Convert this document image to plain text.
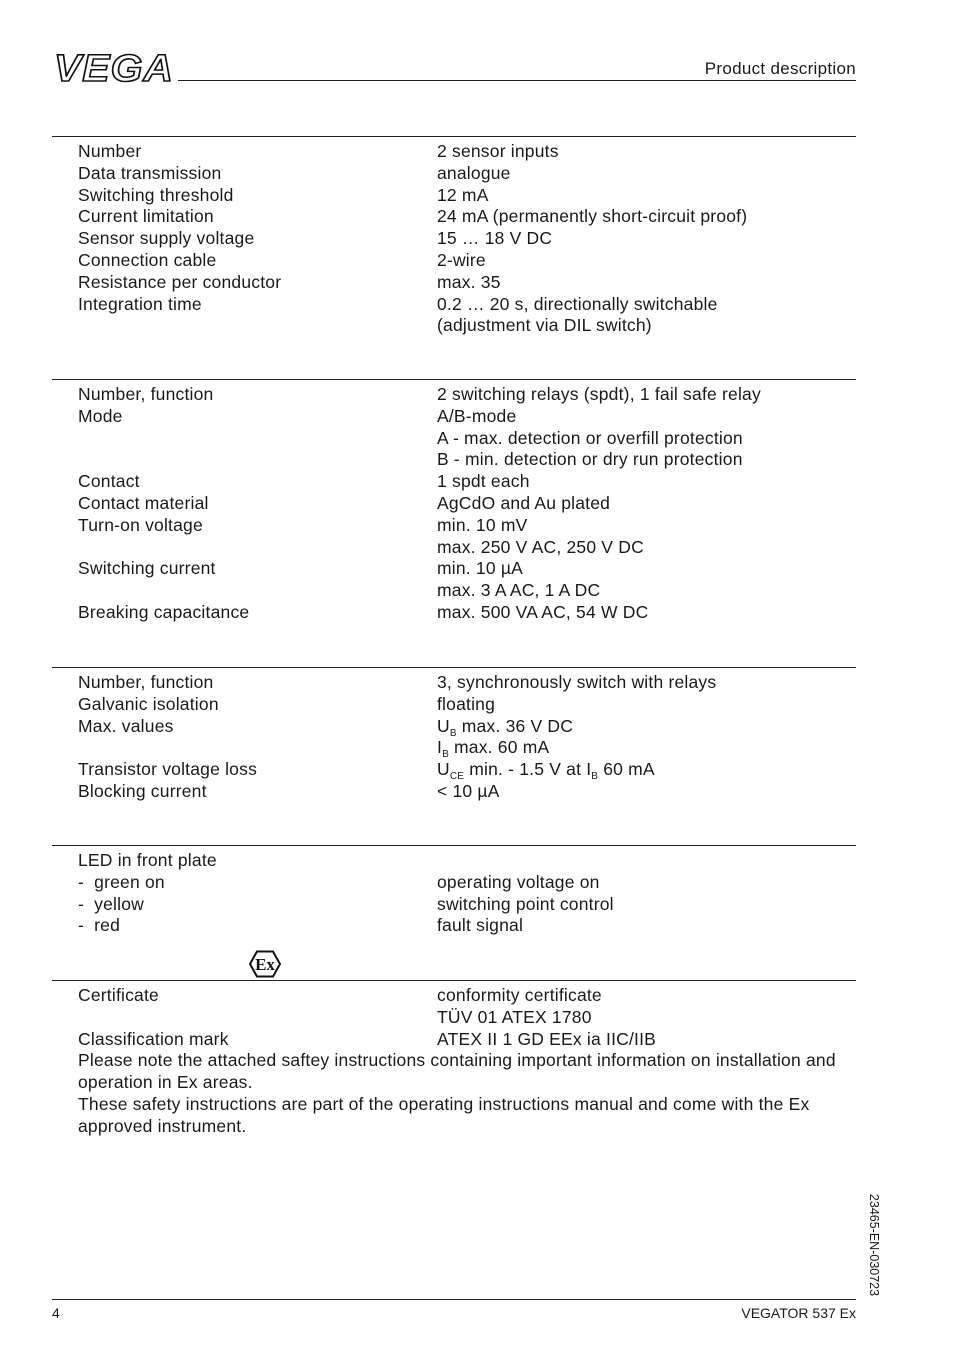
VEGA	Product description
Number	2 sensor inputs
Data transmission	analogue
Switching threshold	12 mA
Current limitation	24 mA (permanently short-circuit proof)
Sensor supply voltage	15 … 18 V DC
Connection cable	2-wire
Resistance per conductor	max. 35
Integration time	0.2 … 20 s, directionally switchable
(adjustment via DIL switch)
Number, function	2 switching relays (spdt), 1 fail safe relay
Mode	A/B-mode
A - max. detection or overfill protection
B - min. detection or dry run protection
Contact	1 spdt each
Contact material	AgCdO and Au plated
Turn-on voltage	min. 10 mV
max. 250 V AC, 250 V DC
Switching current	min. 10 µA
max. 3 A AC, 1 A DC
Breaking capacitance	max. 500 VA AC, 54 W DC
Number, function	3, synchronously switch with relays
Galvanic isolation	floating
Max. values	$U_B$ max. 36 V DC
$I_B$ max. 60 mA
Transistor voltage loss	$U_{CE}$ min. - 1.5 V at $I_B$ 60 mA
Blocking current	< 10 µA
LED in front plate
-  green on	operating voltage on
-  yellow	switching point control
-  red	fault signal
Ex
Certificate	conformity certificate
TÜV 01 ATEX 1780
Classification mark	ATEX II 1 GD EEx ia IIC/IIB
Please note the attached saftey instructions containing important information on installation and operation in Ex areas.
These safety instructions are part of the operating instructions manual and come with the Ex approved instrument.
23465-EN-030723
4	VEGATOR 537 Ex
